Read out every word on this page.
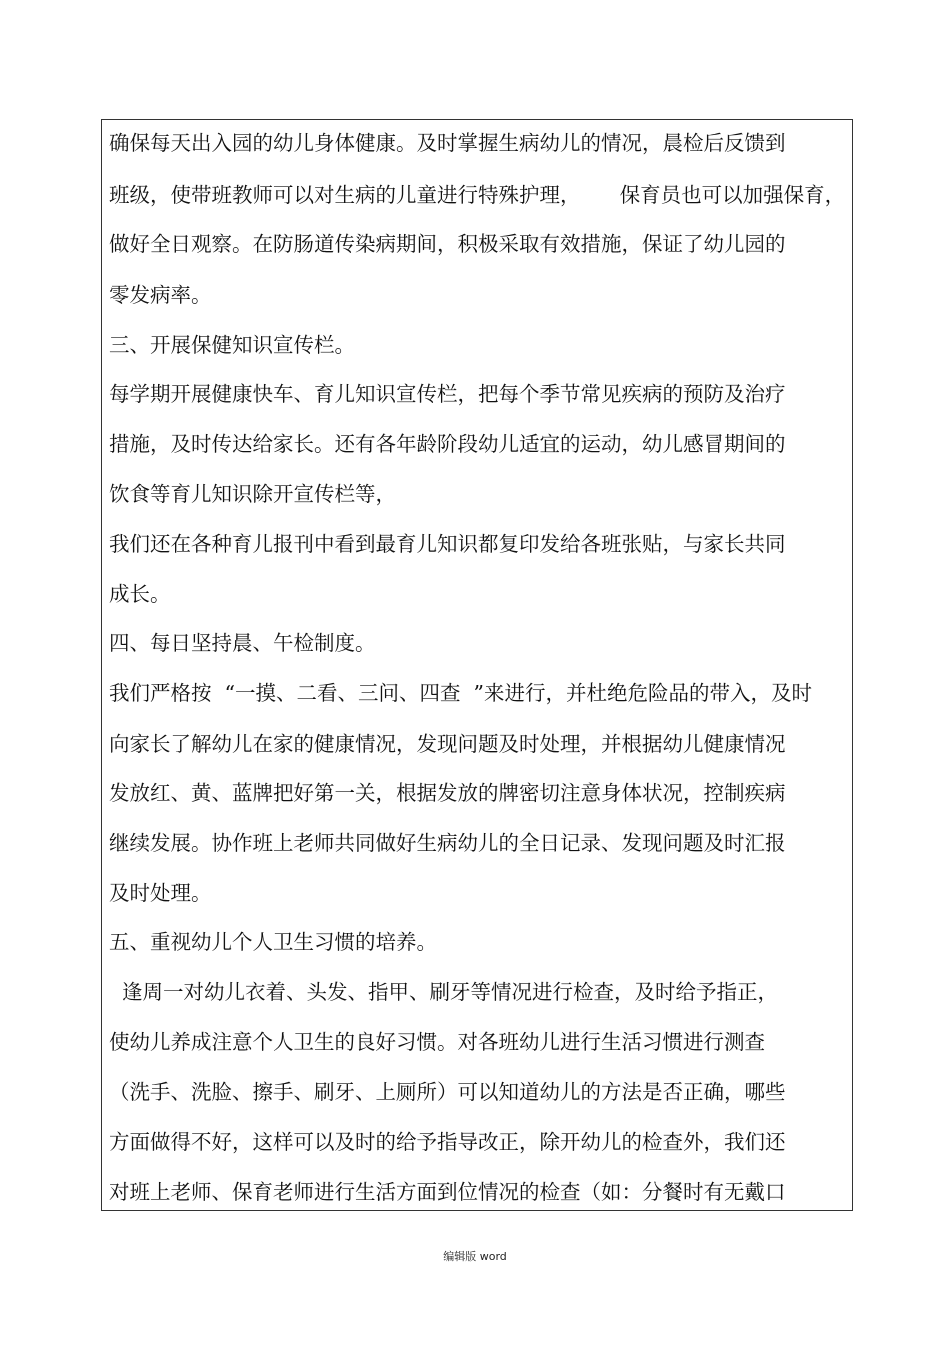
确保每天出入园的幼儿身体健康。及时掌握生病幼儿的情况，晨检后反馈到
班级，使带班教师可以对生病的儿童进行特殊护理，      保育员也可以加强保育，
做好全日观察。在防肠道传染病期间，积极采取有效措施，保证了幼儿园的
零发病率。
三、开展保健知识宣传栏。
每学期开展健康快车、育儿知识宣传栏，把每个季节常见疾病的预防及治疗
措施，及时传达给家长。还有各年龄阶段幼儿适宜的运动，幼儿感冒期间的
饮食等育儿知识除开宣传栏等，
我们还在各种育儿报刊中看到最育儿知识都复印发给各班张贴，与家长共同
成长。
四、每日坚持晨、午检制度。
我们严格按  “一摸、二看、三问、四查  ”来进行，并杜绝危险品的带入，及时
向家长了解幼儿在家的健康情况，发现问题及时处理，并根据幼儿健康情况
发放红、黄、蓝牌把好第一关，根据发放的牌密切注意身体状况，控制疾病
继续发展。协作班上老师共同做好生病幼儿的全日记录、发现问题及时汇报
及时处理。
五、重视幼儿个人卫生习惯的培养。
逢周一对幼儿衣着、头发、指甲、刷牙等情况进行检查，及时给予指正，
使幼儿养成注意个人卫生的良好习惯。对各班幼儿进行生活习惯进行测查
（洗手、洗脸、擦手、刷牙、上厕所）可以知道幼儿的方法是否正确，哪些
方面做得不好，这样可以及时的给予指导改正，除开幼儿的检查外，我们还
对班上老师、保育老师进行生活方面到位情况的检查（如：分餐时有无戴口
编辑版 word
